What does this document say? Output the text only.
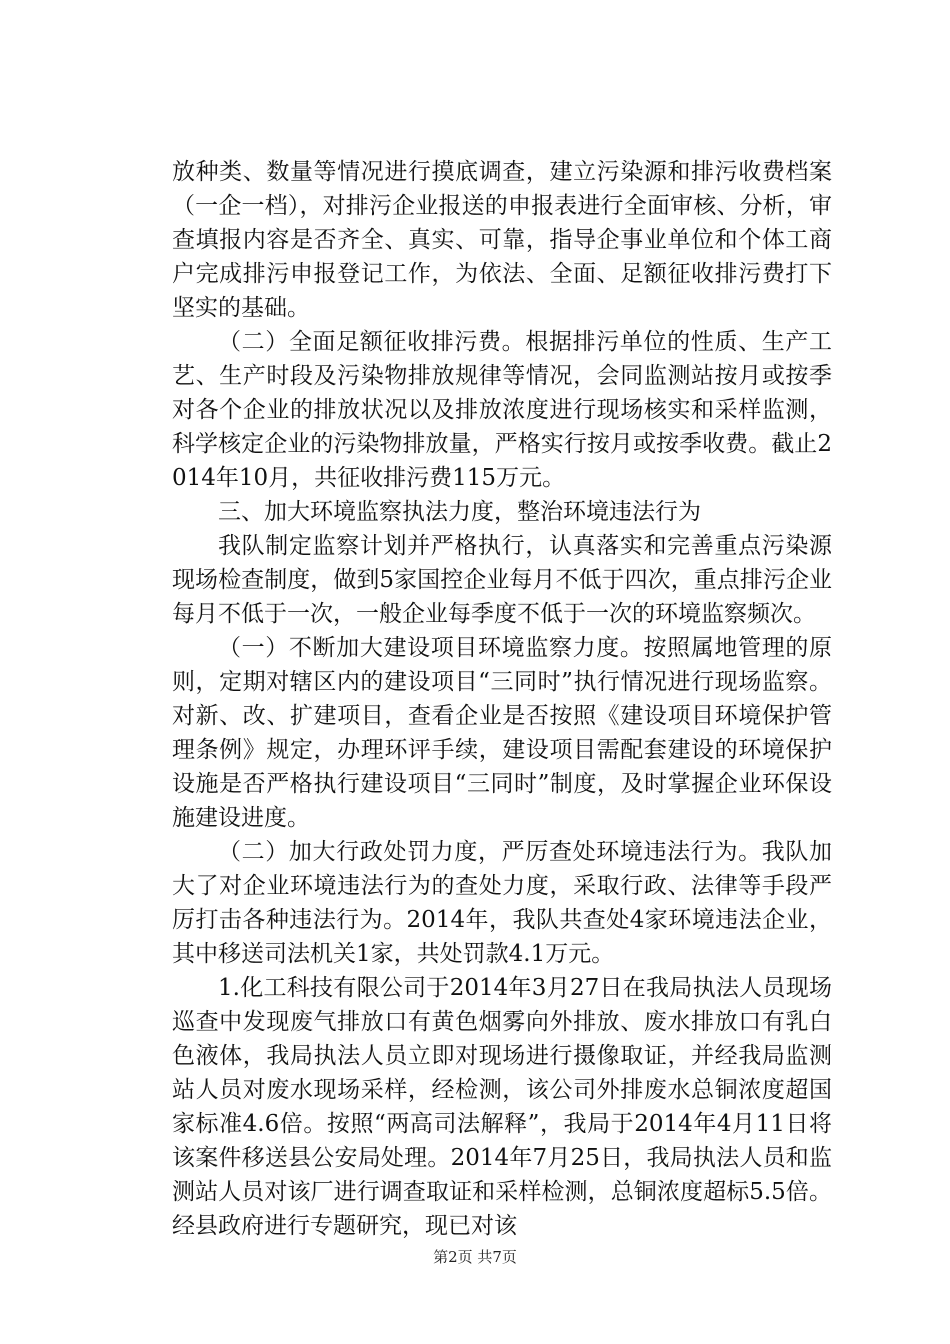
放种类、数量等情况进行摸底调查，建立污染源和排污收费档案（一企一档），对排污企业报送的申报表进行全面审核、分析，审查填报内容是否齐全、真实、可靠，指导企事业单位和个体工商户完成排污申报登记工作，为依法、全面、足额征收排污费打下坚实的基础。

（二）全面足额征收排污费。根据排污单位的性质、生产工艺、生产时段及污染物排放规律等情况，会同监测站按月或按季对各个企业的排放状况以及排放浓度进行现场核实和采样监测，科学核定企业的污染物排放量，严格实行按月或按季收费。截止2014年10月，共征收排污费115万元。

三、加大环境监察执法力度，整治环境违法行为

我队制定监察计划并严格执行，认真落实和完善重点污染源现场检查制度，做到5家国控企业每月不低于四次，重点排污企业每月不低于一次，一般企业每季度不低于一次的环境监察频次。

（一）不断加大建设项目环境监察力度。按照属地管理的原则，定期对辖区内的建设项目“三同时”执行情况进行现场监察。对新、改、扩建项目，查看企业是否按照《建设项目环境保护管理条例》规定，办理环评手续，建设项目需配套建设的环境保护设施是否严格执行建设项目“三同时”制度，及时掌握企业环保设施建设进度。

（二）加大行政处罚力度，严厉查处环境违法行为。我队加大了对企业环境违法行为的查处力度，采取行政、法律等手段严厉打击各种违法行为。2014年，我队共查处4家环境违法企业，其中移送司法机关1家，共处罚款4.1万元。

1.化工科技有限公司于2014年3月27日在我局执法人员现场巡查中发现废气排放口有黄色烟雾向外排放、废水排放口有乳白色液体，我局执法人员立即对现场进行摄像取证，并经我局监测站人员对废水现场采样，经检测，该公司外排废水总铜浓度超国家标准4.6倍。按照“两高司法解释”，我局于2014年4月11日将该案件移送县公安局处理。2014年7月25日，我局执法人员和监测站人员对该厂进行调查取证和采样检测，总铜浓度超标5.5倍。经县政府进行专题研究，现已对该

第2页 共7页
